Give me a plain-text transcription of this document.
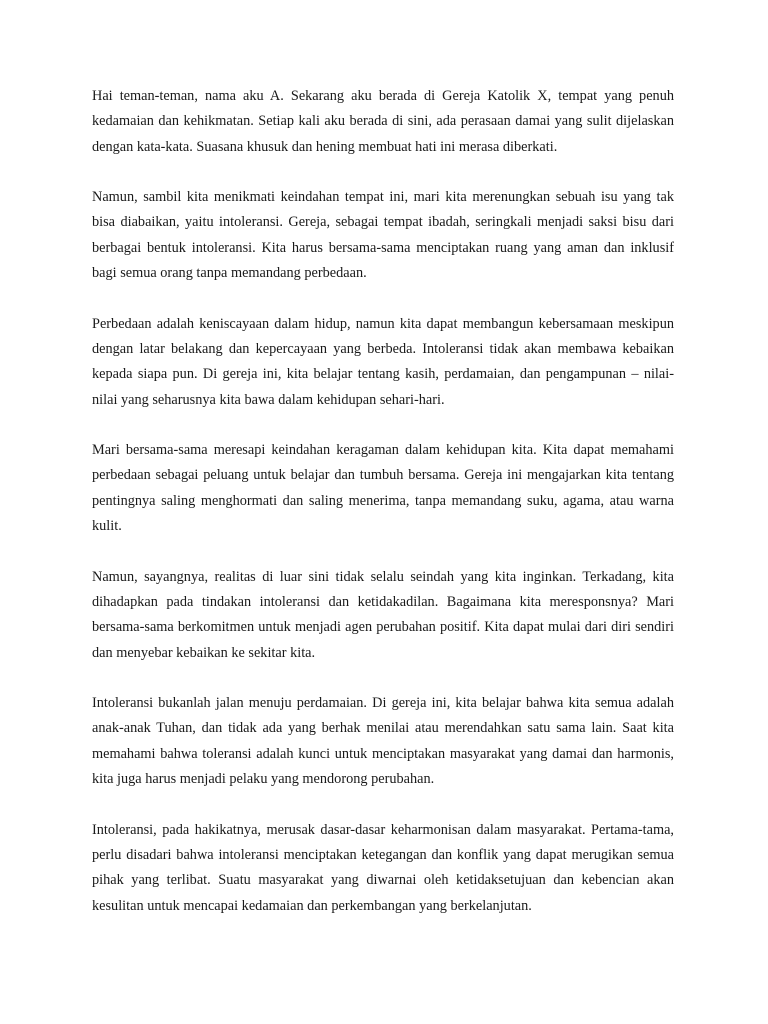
Hai teman-teman, nama aku A. Sekarang aku berada di Gereja Katolik X, tempat yang penuh kedamaian dan kehikmatan. Setiap kali aku berada di sini, ada perasaan damai yang sulit dijelaskan dengan kata-kata. Suasana khusuk dan hening membuat hati ini merasa diberkati.

Namun, sambil kita menikmati keindahan tempat ini, mari kita merenungkan sebuah isu yang tak bisa diabaikan, yaitu intoleransi. Gereja, sebagai tempat ibadah, seringkali menjadi saksi bisu dari berbagai bentuk intoleransi. Kita harus bersama-sama menciptakan ruang yang aman dan inklusif bagi semua orang tanpa memandang perbedaan.

Perbedaan adalah keniscayaan dalam hidup, namun kita dapat membangun kebersamaan meskipun dengan latar belakang dan kepercayaan yang berbeda. Intoleransi tidak akan membawa kebaikan kepada siapa pun. Di gereja ini, kita belajar tentang kasih, perdamaian, dan pengampunan – nilai-nilai yang seharusnya kita bawa dalam kehidupan sehari-hari.

Mari bersama-sama meresapi keindahan keragaman dalam kehidupan kita. Kita dapat memahami perbedaan sebagai peluang untuk belajar dan tumbuh bersama. Gereja ini mengajarkan kita tentang pentingnya saling menghormati dan saling menerima, tanpa memandang suku, agama, atau warna kulit.

Namun, sayangnya, realitas di luar sini tidak selalu seindah yang kita inginkan. Terkadang, kita dihadapkan pada tindakan intoleransi dan ketidakadilan. Bagaimana kita meresponsnya? Mari bersama-sama berkomitmen untuk menjadi agen perubahan positif. Kita dapat mulai dari diri sendiri dan menyebar kebaikan ke sekitar kita.

Intoleransi bukanlah jalan menuju perdamaian. Di gereja ini, kita belajar bahwa kita semua adalah anak-anak Tuhan, dan tidak ada yang berhak menilai atau merendahkan satu sama lain. Saat kita memahami bahwa toleransi adalah kunci untuk menciptakan masyarakat yang damai dan harmonis, kita juga harus menjadi pelaku yang mendorong perubahan.

Intoleransi, pada hakikatnya, merusak dasar-dasar keharmonisan dalam masyarakat. Pertama-tama, perlu disadari bahwa intoleransi menciptakan ketegangan dan konflik yang dapat merugikan semua pihak yang terlibat. Suatu masyarakat yang diwarnai oleh ketidaksetujuan dan kebencian akan kesulitan untuk mencapai kedamaian dan perkembangan yang berkelanjutan.
